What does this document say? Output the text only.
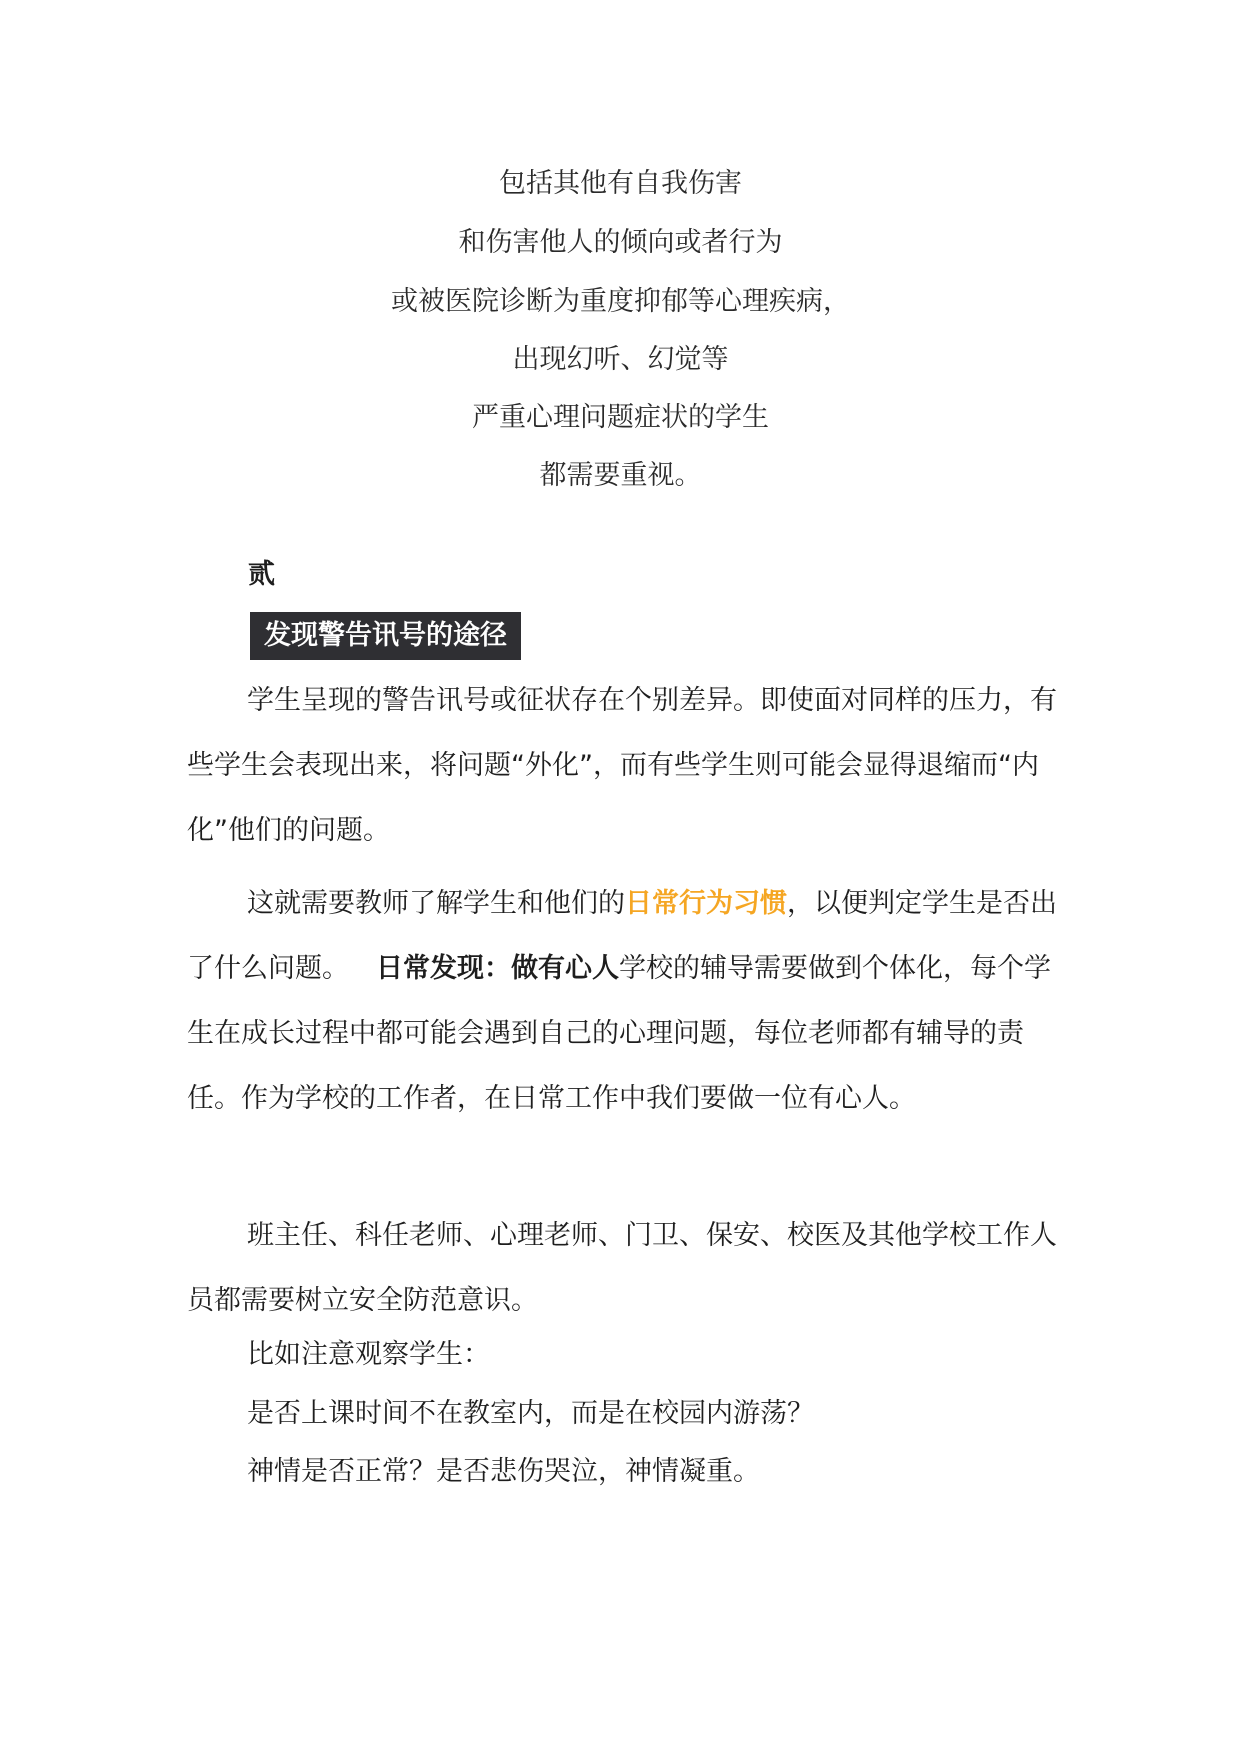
包括其他有自我伤害
和伤害他人的倾向或者行为
或被医院诊断为重度抑郁等心理疾病，
出现幻听、幻觉等
严重心理问题症状的学生
都需要重视。
贰
发现警告讯号的途径
学生呈现的警告讯号或征状存在个别差异。即使面对同样的压力，有些学生会表现出来，将问题“外化”，而有些学生则可能会显得退缩而“内化”他们的问题。
这就需要教师了解学生和他们的日常行为习惯，以便判定学生是否出了什么问题。  日常发现：做有心人学校的辅导需要做到个体化，每个学生在成长过程中都可能会遇到自己的心理问题，每位老师都有辅导的责任。作为学校的工作者，在日常工作中我们要做一位有心人。
班主任、科任老师、心理老师、门卫、保安、校医及其他学校工作人员都需要树立安全防范意识。
比如注意观察学生：
是否上课时间不在教室内，而是在校园内游荡？
神情是否正常？是否悲伤哭泣，神情凝重。
